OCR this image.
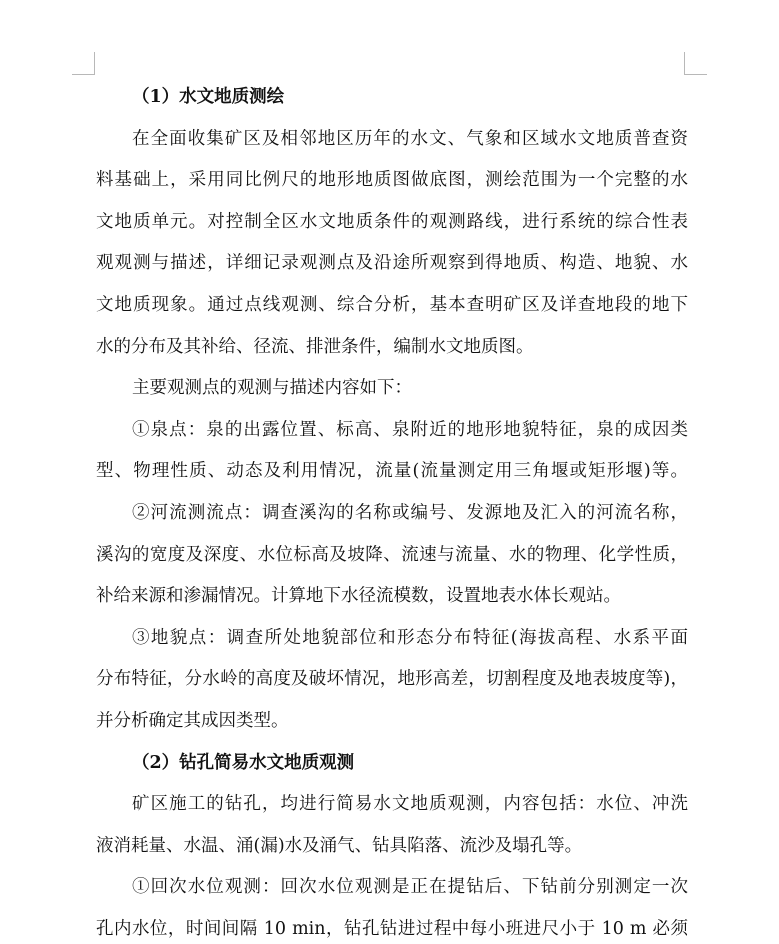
（1）水文地质测绘
在全面收集矿区及相邻地区历年的水文、气象和区域水文地质普查资
料基础上，采用同比例尺的地形地质图做底图，测绘范围为一个完整的水
文地质单元。对控制全区水文地质条件的观测路线，进行系统的综合性表
观观测与描述，详细记录观测点及沿途所观察到得地质、构造、地貌、水
文地质现象。通过点线观测、综合分析，基本查明矿区及详查地段的地下
水的分布及其补给、径流、排泄条件，编制水文地质图。
主要观测点的观测与描述内容如下：
①泉点：泉的出露位置、标高、泉附近的地形地貌特征，泉的成因类
型、物理性质、动态及利用情况，流量(流量测定用三角堰或矩形堰)等。
②河流测流点：调查溪沟的名称或编号、发源地及汇入的河流名称，
溪沟的宽度及深度、水位标高及坡降、流速与流量、水的物理、化学性质，
补给来源和渗漏情况。计算地下水径流模数，设置地表水体长观站。
③地貌点：调查所处地貌部位和形态分布特征(海拔高程、水系平面
分布特征，分水岭的高度及破坏情况，地形高差，切割程度及地表坡度等)，
并分析确定其成因类型。
（2）钻孔简易水文地质观测
矿区施工的钻孔，均进行简易水文地质观测，内容包括：水位、冲洗
液消耗量、水温、涌(漏)水及涌气、钻具陷落、流沙及塌孔等。
①回次水位观测：回次水位观测是正在提钻后、下钻前分别测定一次
孔内水位，时间间隔 10 min，钻孔钻进过程中每小班进尺小于 10 m 必须
